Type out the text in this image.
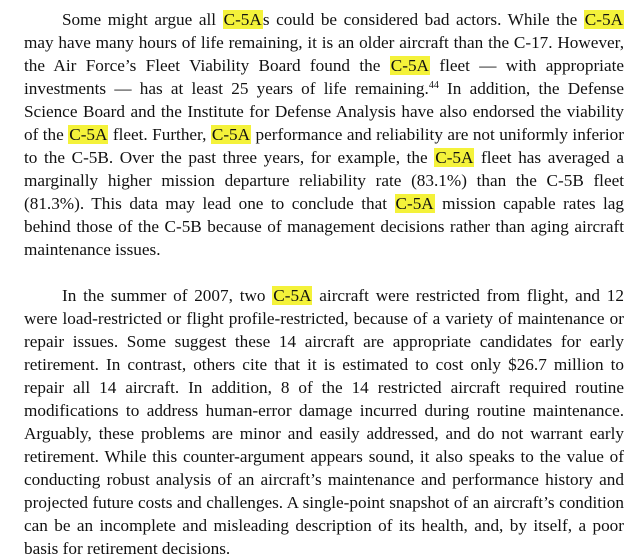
Some might argue all C-5As could be considered bad actors. While the C-5A may have many hours of life remaining, it is an older aircraft than the C-17. However, the Air Force’s Fleet Viability Board found the C-5A fleet — with appropriate investments — has at least 25 years of life remaining.$^{44}$ In addition, the Defense Science Board and the Institute for Defense Analysis have also endorsed the viability of the C-5A fleet. Further, C-5A performance and reliability are not uniformly inferior to the C-5B. Over the past three years, for example, the C-5A fleet has averaged a marginally higher mission departure reliability rate (83.1%) than the C-5B fleet (81.3%). This data may lead one to conclude that C-5A mission capable rates lag behind those of the C-5B because of management decisions rather than aging aircraft maintenance issues.

In the summer of 2007, two C-5A aircraft were restricted from flight, and 12 were load-restricted or flight profile-restricted, because of a variety of maintenance or repair issues. Some suggest these 14 aircraft are appropriate candidates for early retirement. In contrast, others cite that it is estimated to cost only $26.7 million to repair all 14 aircraft. In addition, 8 of the 14 restricted aircraft required routine modifications to address human-error damage incurred during routine maintenance. Arguably, these problems are minor and easily addressed, and do not warrant early retirement. While this counter-argument appears sound, it also speaks to the value of conducting robust analysis of an aircraft’s maintenance and performance history and projected future costs and challenges. A single-point snapshot of an aircraft’s condition can be an incomplete and misleading description of its health, and, by itself, a poor basis for retirement decisions.
